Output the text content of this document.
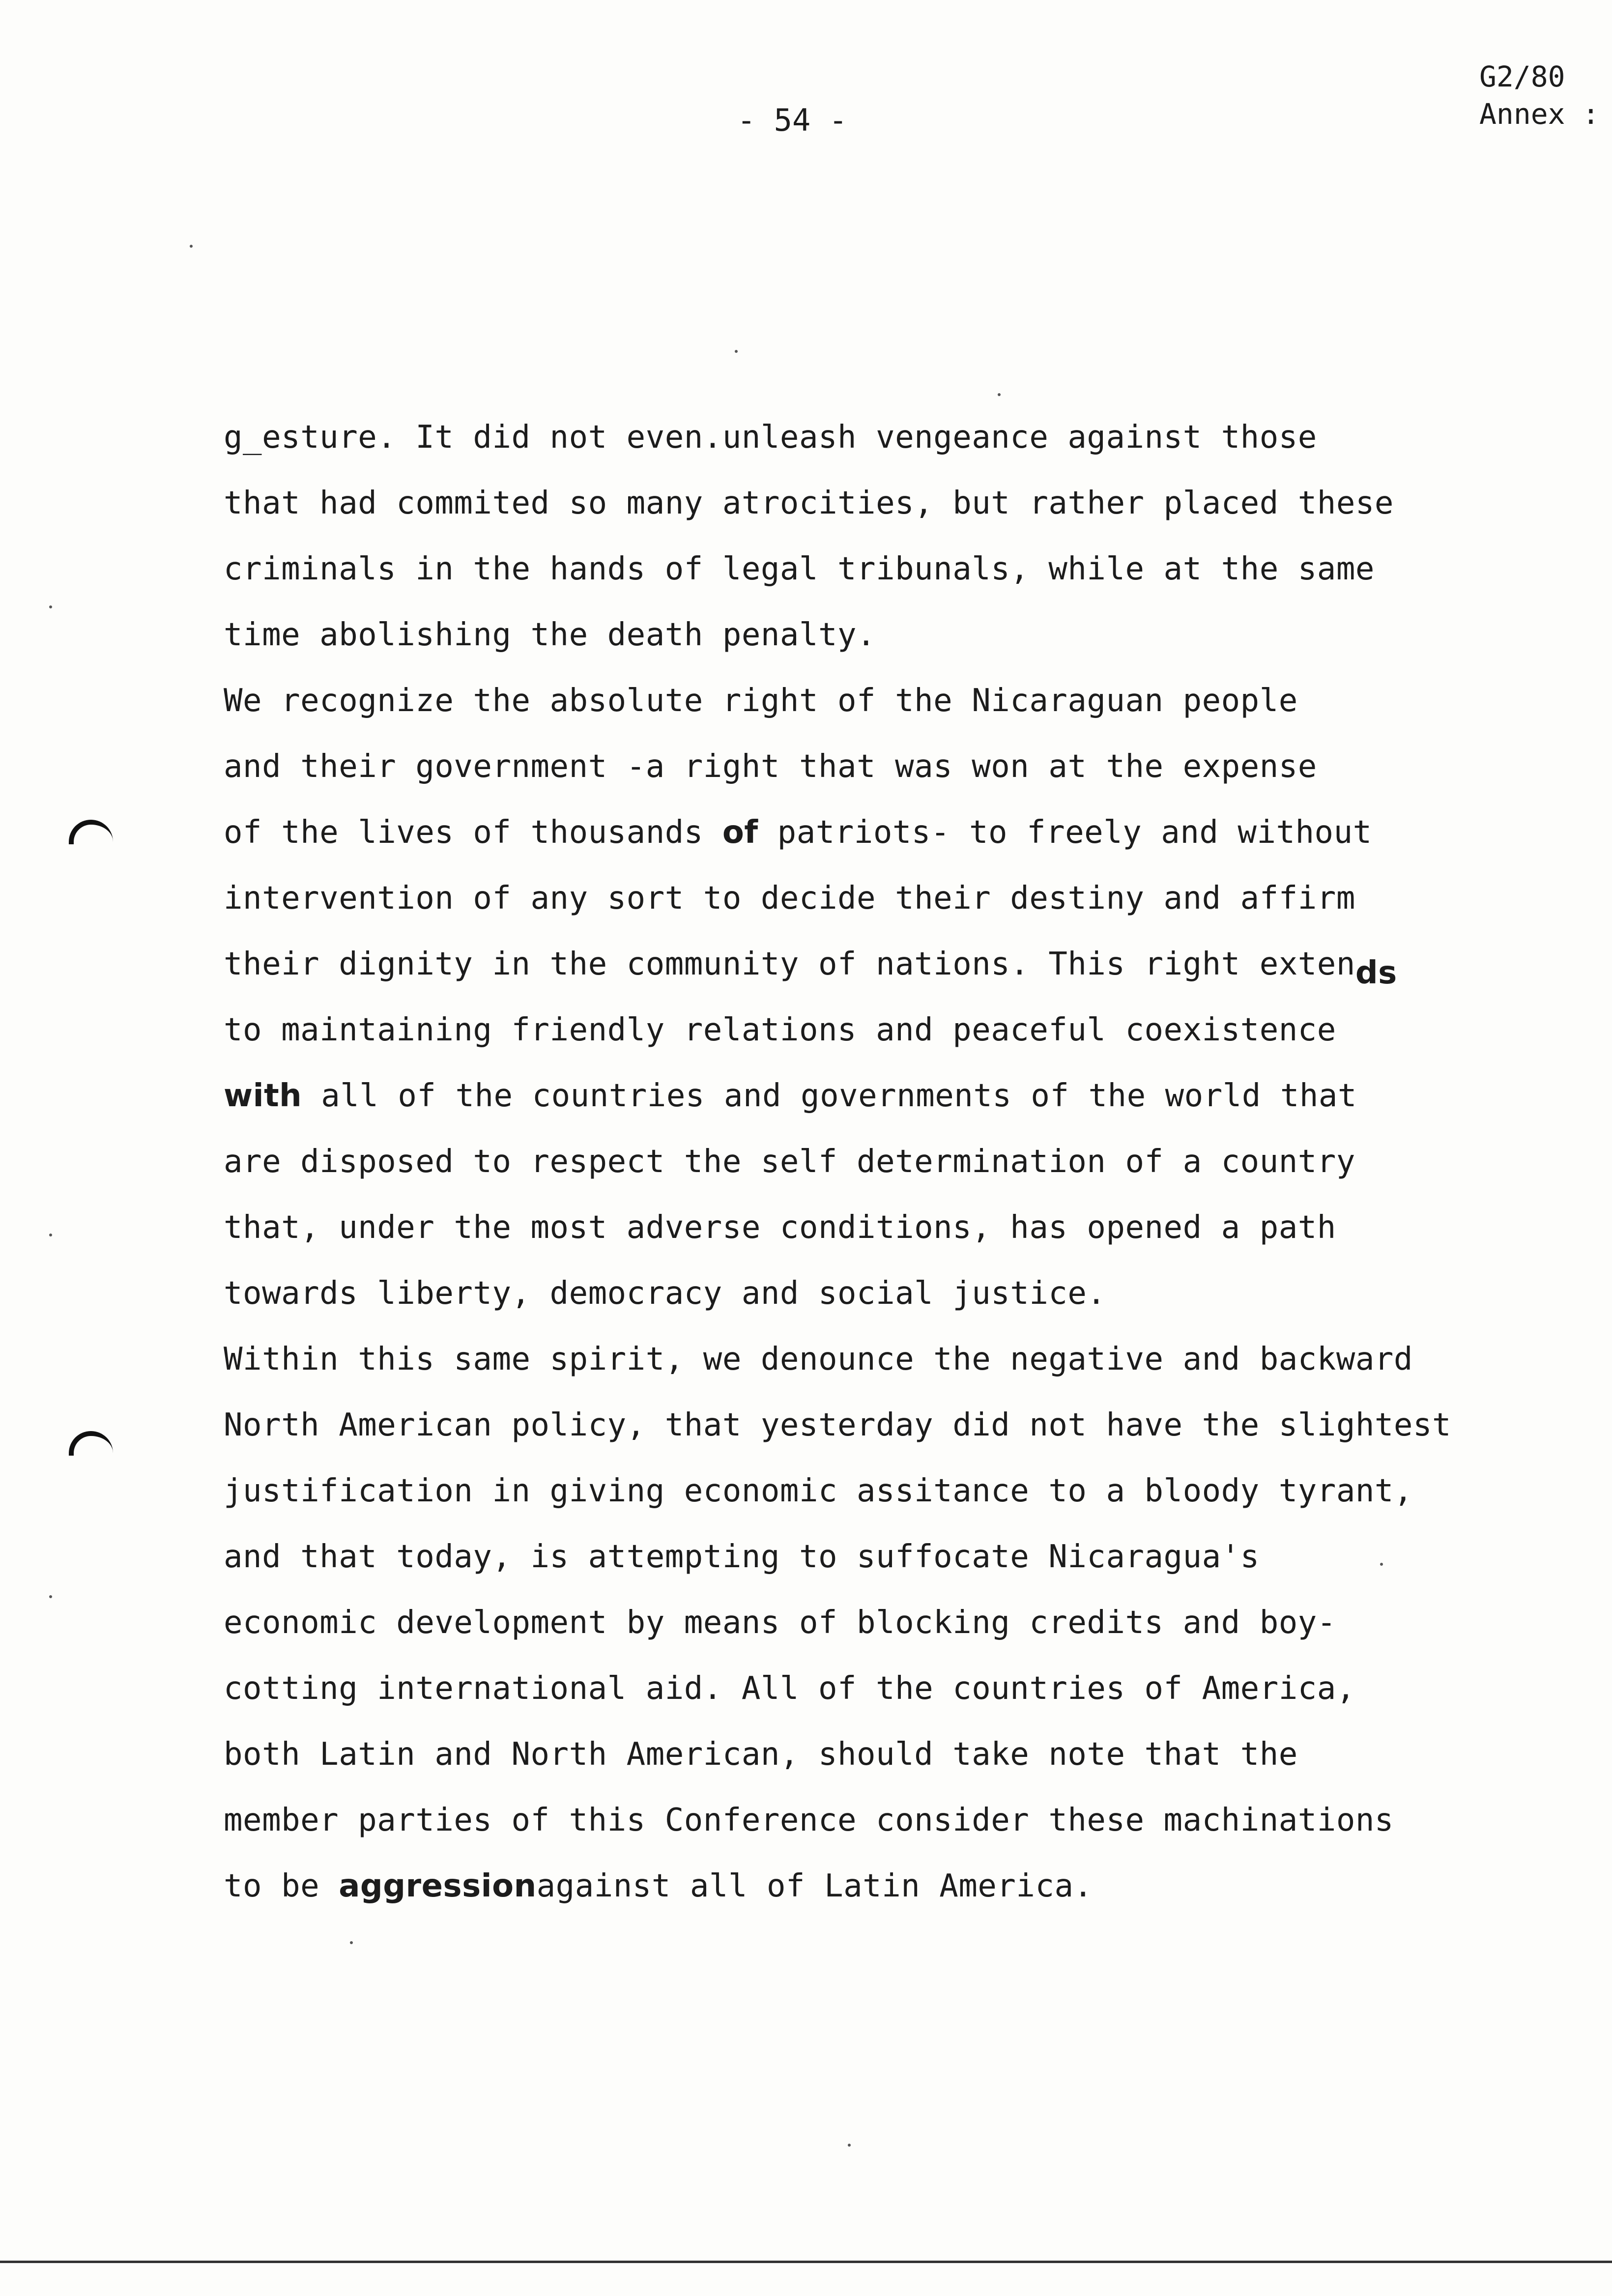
G2/80
Annex :
- 54 -
g_esture. It did not even.unleash vengeance against those
that had commited so many atrocities, but rather placed these
criminals in the hands of legal tribunals, while at the same
time abolishing the death penalty.
We recognize the absolute right of the Nicaraguan people
and their government -a right that was won at the expense
of the lives of thousands of patriots- to freely and without
intervention of any sort to decide their destiny and affirm
their dignity in the community of nations. This right extends
to maintaining friendly relations and peaceful coexistence
with all of the countries and governments of the world that
are disposed to respect the self determination of a country
that, under the most adverse conditions, has opened a path
towards liberty, democracy and social justice.
Within this same spirit, we denounce the negative and backward
North American policy, that yesterday did not have the slightest
justification in giving economic assitance to a bloody tyrant,
and that today, is attempting to suffocate Nicaragua's
economic development by means of blocking credits and boy-
cotting international aid. All of the countries of America,
both Latin and North American, should take note that the
member parties of this Conference consider these machinations
to be aggressionagainst all of Latin America.
